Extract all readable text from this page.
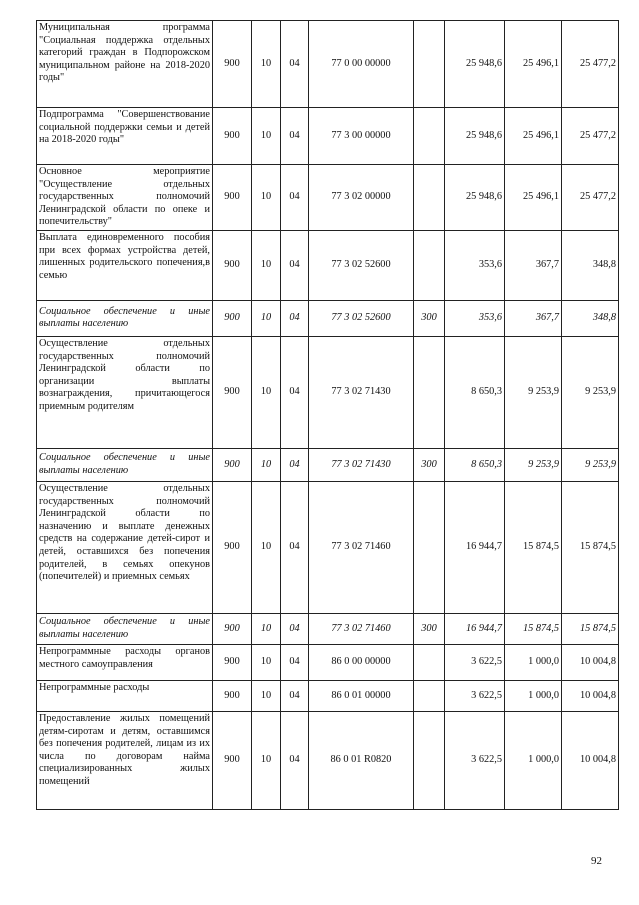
Муниципальная программа "Социальная поддержка отдельных категорий граждан в Подпорожском муниципальном районе на 2018-2020 годы"	900	10	04	77 0 00 00000		25 948,6	25 496,1	25 477,2
Подпрограмма "Совершенствование социальной поддержки семьи и детей на 2018-2020 годы"	900	10	04	77 3 00 00000		25 948,6	25 496,1	25 477,2
Основное мероприятие "Осуществление отдельных государственных полномочий Ленинградской области по опеке и попечительству"	900	10	04	77 3 02 00000		25 948,6	25 496,1	25 477,2
Выплата единовременного пособия при всех формах устройства детей, лишенных родительского попечения,в семью	900	10	04	77 3 02 52600		353,6	367,7	348,8
Социальное обеспечение и иные выплаты населению	900	10	04	77 3 02 52600	300	353,6	367,7	348,8
Осуществление отдельных государственных полномочий Ленинградской области по организации выплаты вознаграждения, причитающегося приемным родителям	900	10	04	77 3 02 71430		8 650,3	9 253,9	9 253,9
Социальное обеспечение и иные выплаты населению	900	10	04	77 3 02 71430	300	8 650,3	9 253,9	9 253,9
Осуществление отдельных государственных полномочий Ленинградской области по назначению и выплате денежных средств на содержание детей-сирот и детей, оставшихся без попечения родителей, в семьях опекунов (попечителей) и приемных семьях	900	10	04	77 3 02 71460		16 944,7	15 874,5	15 874,5
Социальное обеспечение и иные выплаты населению	900	10	04	77 3 02 71460	300	16 944,7	15 874,5	15 874,5
Непрограммные расходы органов местного самоуправления	900	10	04	86 0 00 00000		3 622,5	1 000,0	10 004,8
Непрограммные расходы	900	10	04	86 0 01 00000		3 622,5	1 000,0	10 004,8
Предоставление жилых помещений детям-сиротам и детям, оставшимся без попечения родителей, лицам из их числа по договорам найма специализированных жилых помещений	900	10	04	86 0 01 R0820		3 622,5	1 000,0	10 004,8
92
